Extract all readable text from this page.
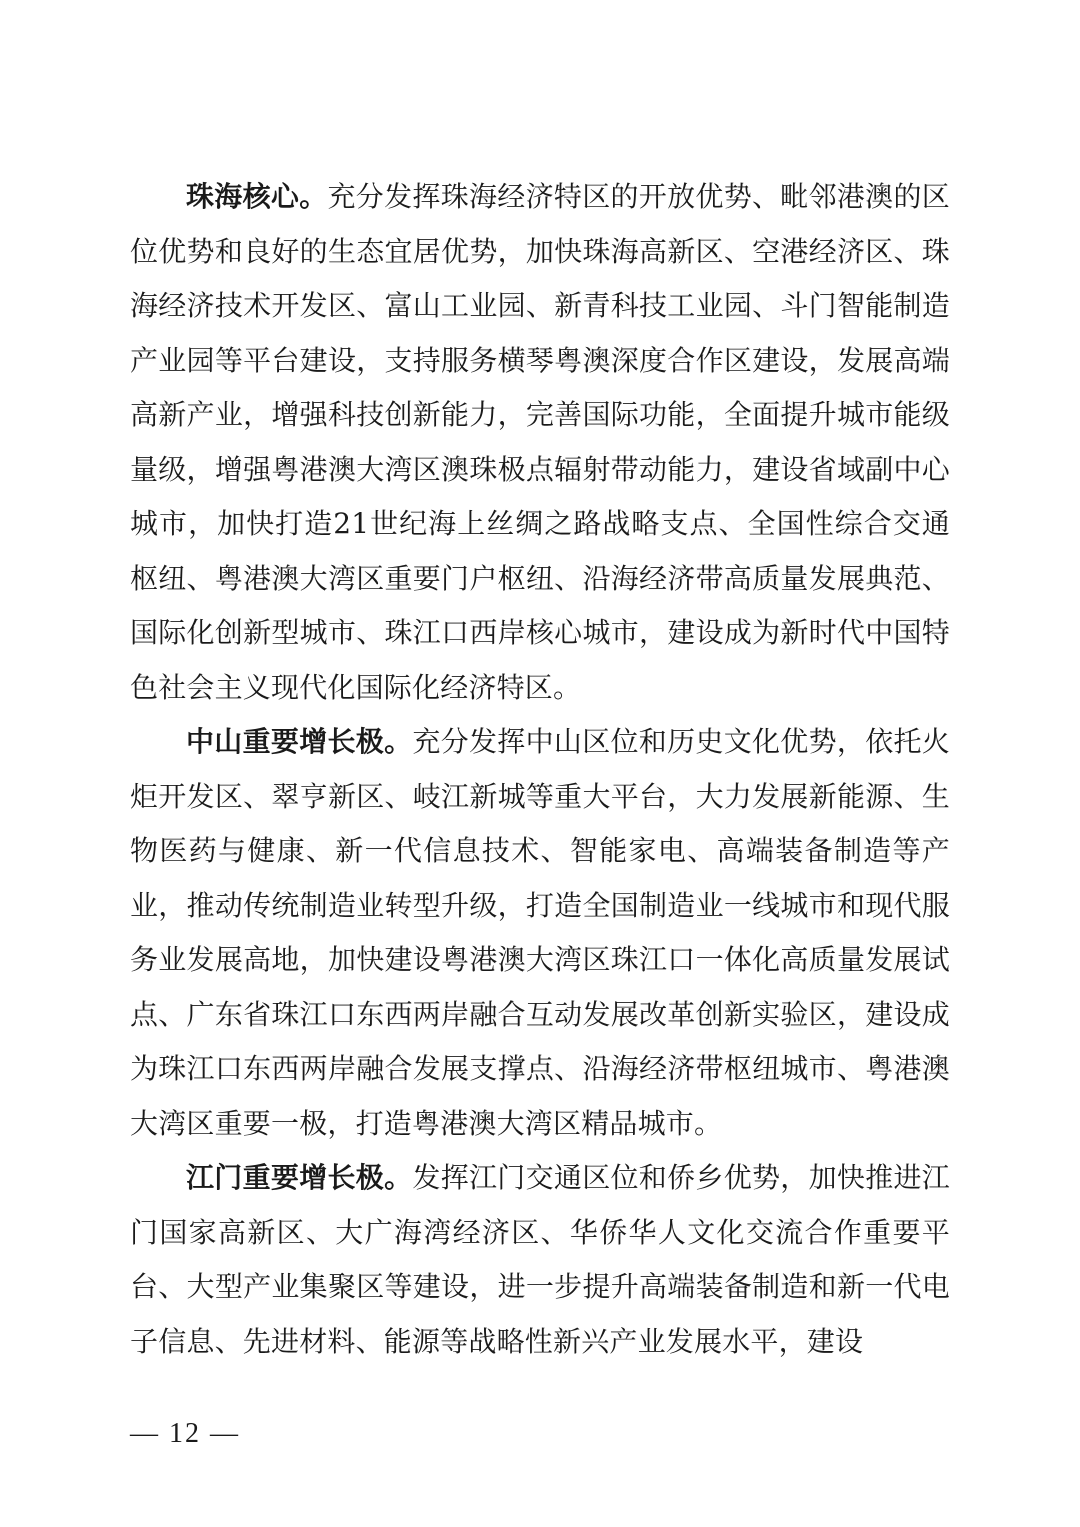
珠海核心。充分发挥珠海经济特区的开放优势、毗邻港澳的区位优势和良好的生态宜居优势，加快珠海高新区、空港经济区、珠海经济技术开发区、富山工业园、新青科技工业园、斗门智能制造产业园等平台建设，支持服务横琴粤澳深度合作区建设，发展高端高新产业，增强科技创新能力，完善国际功能，全面提升城市能级量级，增强粤港澳大湾区澳珠极点辐射带动能力，建设省域副中心城市，加快打造21世纪海上丝绸之路战略支点、全国性综合交通枢纽、粤港澳大湾区重要门户枢纽、沿海经济带高质量发展典范、国际化创新型城市、珠江口西岸核心城市，建设成为新时代中国特色社会主义现代化国际化经济特区。

中山重要增长极。充分发挥中山区位和历史文化优势，依托火炬开发区、翠亨新区、岐江新城等重大平台，大力发展新能源、生物医药与健康、新一代信息技术、智能家电、高端装备制造等产业，推动传统制造业转型升级，打造全国制造业一线城市和现代服务业发展高地，加快建设粤港澳大湾区珠江口一体化高质量发展试点、广东省珠江口东西两岸融合互动发展改革创新实验区，建设成为珠江口东西两岸融合发展支撑点、沿海经济带枢纽城市、粤港澳大湾区重要一极，打造粤港澳大湾区精品城市。

江门重要增长极。发挥江门交通区位和侨乡优势，加快推进江门国家高新区、大广海湾经济区、华侨华人文化交流合作重要平台、大型产业集聚区等建设，进一步提升高端装备制造和新一代电子信息、先进材料、能源等战略性新兴产业发展水平，建设

— 12 —
